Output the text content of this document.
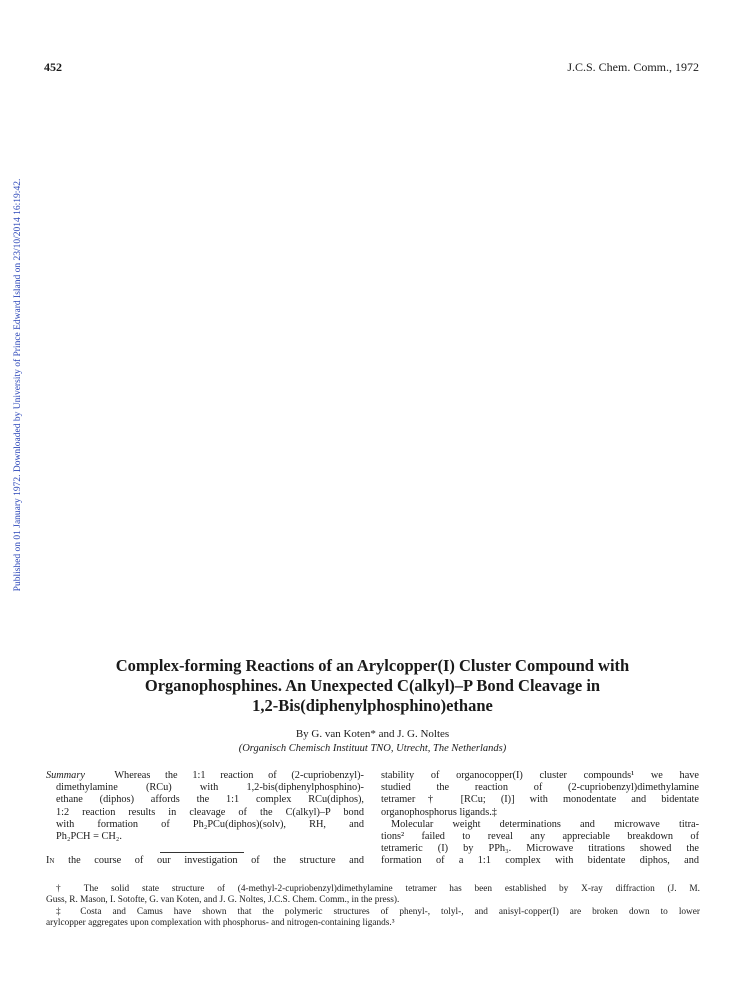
452	J.C.S. Chem. Comm., 1972
Published on 01 January 1972. Downloaded by University of Prince Edward Island on 23/10/2014 16:19:42.
Complex-forming Reactions of an Arylcopper(I) Cluster Compound with
Organophosphines. An Unexpected C(alkyl)–P Bond Cleavage in
1,2-Bis(diphenylphosphino)ethane
By G. van Koten* and J. G. Noltes
(Organisch Chemisch Instituut TNO, Utrecht, The Netherlands)
Summary	Whereas the 1:1 reaction of (2-cupriobenzyl)-
dimethylamine (RCu) with 1,2-bis(diphenylphosphino)-
ethane (diphos) affords the 1:1 complex RCu(diphos),
1:2 reaction results in cleavage of the C(alkyl)–P bond
with formation of Ph₂PCu(diphos)(solv), RH, and
Ph₂PCH = CH₂.
In the course of our investigation of the structure and
stability of organocopper(I) cluster compounds¹ we have
studied the reaction of (2-cupriobenzyl)dimethylamine
tetramer† [RCu; (I)] with monodentate and bidentate
organophosphorus ligands.‡
Molecular weight determinations and microwave titra-
tions² failed to reveal any appreciable breakdown of
tetrameric (I) by PPh₃. Microwave titrations showed the
formation of a 1:1 complex with bidentate diphos, and
† The solid state structure of (4-methyl-2-cupriobenzyl)dimethylamine tetramer has been established by X-ray diffraction (J. M.
Guss, R. Mason, I. Sotofte, G. van Koten, and J. G. Noltes, J.C.S. Chem. Comm., in the press).
‡ Costa and Camus have shown that the polymeric structures of phenyl-, tolyl-, and anisyl-copper(I) are broken down to lower
arylcopper aggregates upon complexation with phosphorus- and nitrogen-containing ligands.³
